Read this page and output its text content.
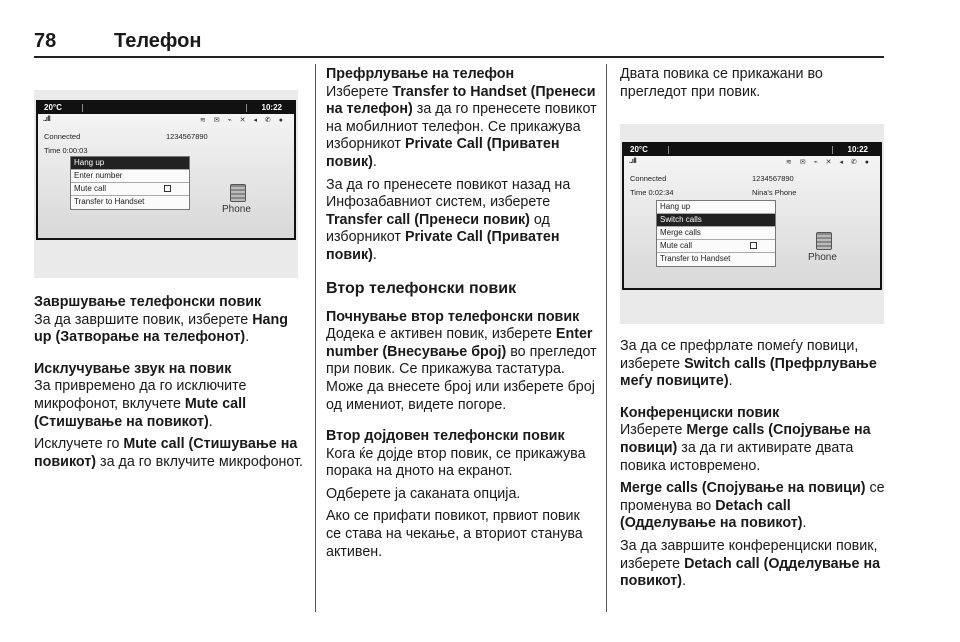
78	Телефон
20°C	10:22
..ıll	≋ ✉ ⌁ ✕ ◂ ✆ ●
Connected	1234567890
Time 0:00:03
Hang up
Enter number
Mute call
Transfer to Handset
Phone
Завршување телефонски повик

За да завршите повик, изберете Hang up (Затворање на телефонот).

Исклучување звук на повик

За привремено да го исключите микрофонот, вклучете Mute call (Стишување на повикот).

Исклучете го Mute call (Стишување на повикот) за да го вклучите микрофонот.

Префрлување на телефон

Изберете Transfer to Handset (Пренеси на телефон) за да го пренесете повикот на мобилниот телефон. Се прикажува изборникот Private Call (Приватен повик).

За да го пренесете повикот назад на Инфозабавниот систем, изберете Transfer call (Пренеси повик) од изборникот Private Call (Приватен повик).

Втор телефонски повик
Почнување втор телефонски повик

Додека е активен повик, изберете Enter number (Внесување број) во прегледот при повик. Се прикажува тастатура. Може да внесете број или изберете број од имениот, видете погоре.

Втор дојдовен телефонски повик

Кога ќе дојде втор повик, се прикажува порака на дното на екранот.

Одберете ја саканата опција.

Ако се прифати повикот, првиот повик се става на чекање, а вториот станува активен.

Двата повика се прикажани во прегледот при повик.

20°C	10:22
..ıll	≋ ✉ ⌁ ✕ ◂ ✆ ●
Connected	1234567890
Time 0:02:34	Nina's Phone
Hang up
Switch calls
Merge calls
Mute call
Transfer to Handset	Phone

За да се префрлате помеѓу повици, изберете Switch calls (Префрлување меѓу повиците).

Конференциски повик

Изберете Merge calls (Спојување на повици) за да ги активирате двата повика истовремено.

Merge calls (Спојување на повици) се променува во Detach call (Одделување на повикот).

За да завршите конференциски повик, изберете Detach call (Одделување на повикот).
